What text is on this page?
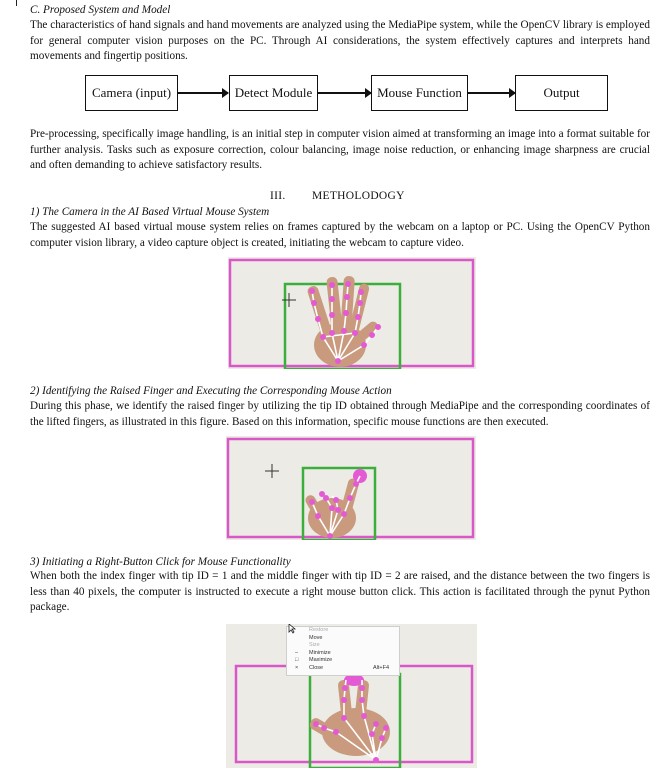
C. Proposed System and Model
The characteristics of hand signals and hand movements are analyzed using the MediaPipe system, while the OpenCV library is employed for general computer vision purposes on the PC. Through AI considerations, the system effectively captures and interprets hand movements and fingertip positions.
Camera (input)	Detect Module	Mouse Function	Output
Pre-processing, specifically image handling, is an initial step in computer vision aimed at transforming an image into a format suitable for further analysis. Tasks such as exposure correction, colour balancing, image noise reduction, or enhancing image sharpness are crucial and often demanding to achieve satisfactory results.
III. METHOLODOGY
1) The Camera in the AI Based Virtual Mouse System
The suggested AI based virtual mouse system relies on frames captured by the webcam on a laptop or PC. Using the OpenCV Python computer vision library, a video capture object is created, initiating the webcam to capture video.
2) Identifying the Raised Finger and Executing the Corresponding Mouse Action
During this phase, we identify the raised finger by utilizing the tip ID obtained through MediaPipe and the corresponding coordinates of the lifted fingers, as illustrated in this figure. Based on this information, specific mouse functions are then executed.
3) Initiating a Right-Button Click for Mouse Functionality
When both the index finger with tip ID = 1 and the middle finger with tip ID = 2 are raised, and the distance between the two fingers is less than 40 pixels, the computer is instructed to execute a right mouse button click. This action is facilitated through the pynut Python package.
Restore
Move
Size
– Minimize
□ Maximize
× Close	Alt+F4
